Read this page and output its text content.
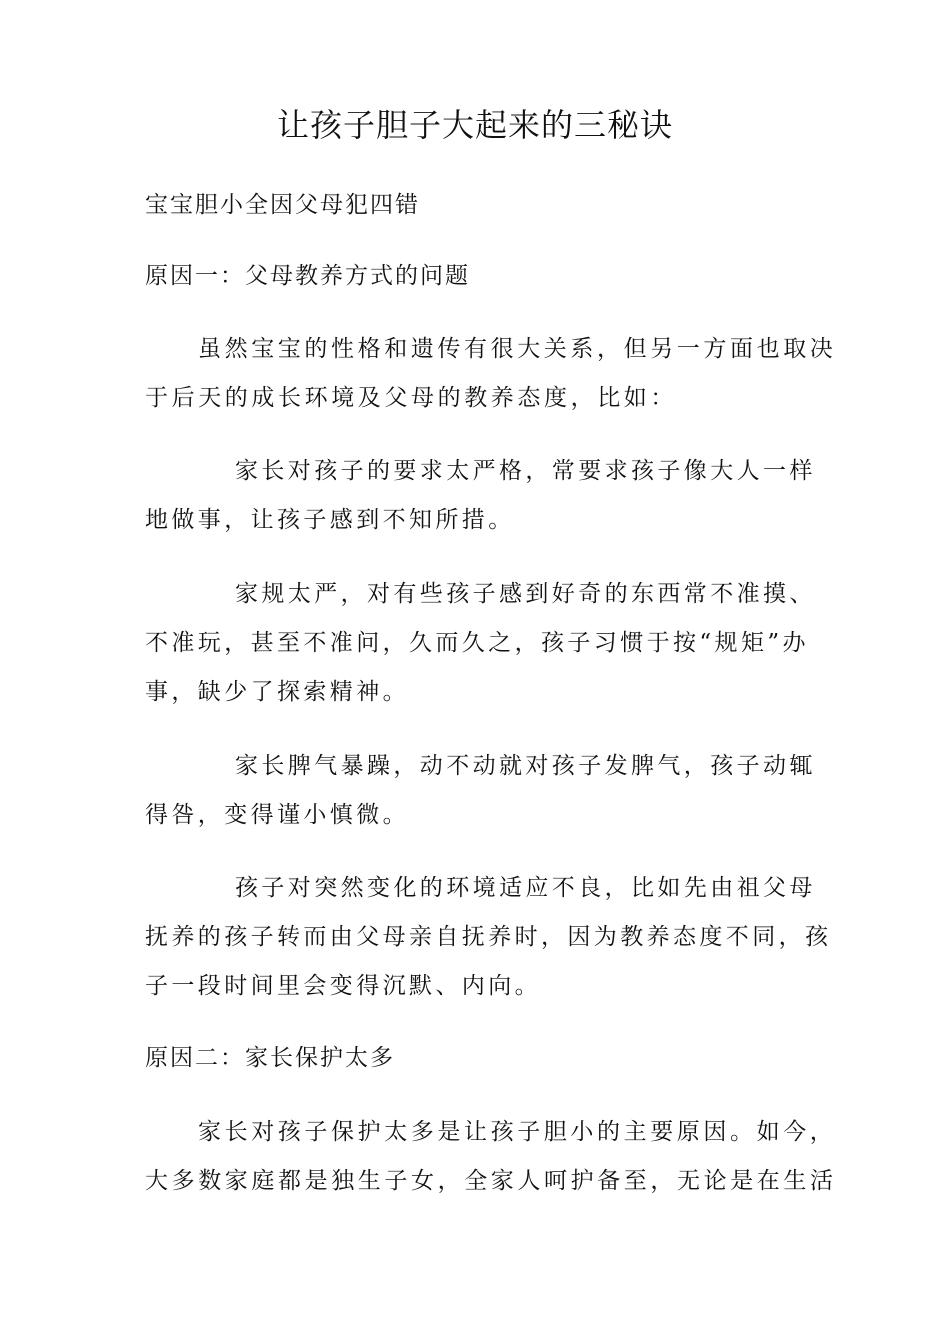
让孩子胆子大起来的三秘诀
宝宝胆小全因父母犯四错
原因一：父母教养方式的问题
虽然宝宝的性格和遗传有很大关系，但另一方面也取决
于后天的成长环境及父母的教养态度，比如：
家长对孩子的要求太严格，常要求孩子像大人一样
地做事，让孩子感到不知所措。
家规太严，对有些孩子感到好奇的东西常不准摸、
不准玩，甚至不准问，久而久之，孩子习惯于按“规矩”办
事，缺少了探索精神。
家长脾气暴躁，动不动就对孩子发脾气，孩子动辄
得咎，变得谨小慎微。
孩子对突然变化的环境适应不良，比如先由祖父母
抚养的孩子转而由父母亲自抚养时，因为教养态度不同，孩
子一段时间里会变得沉默、内向。
原因二：家长保护太多
家长对孩子保护太多是让孩子胆小的主要原因。如今，
大多数家庭都是独生子女，全家人呵护备至，无论是在生活
